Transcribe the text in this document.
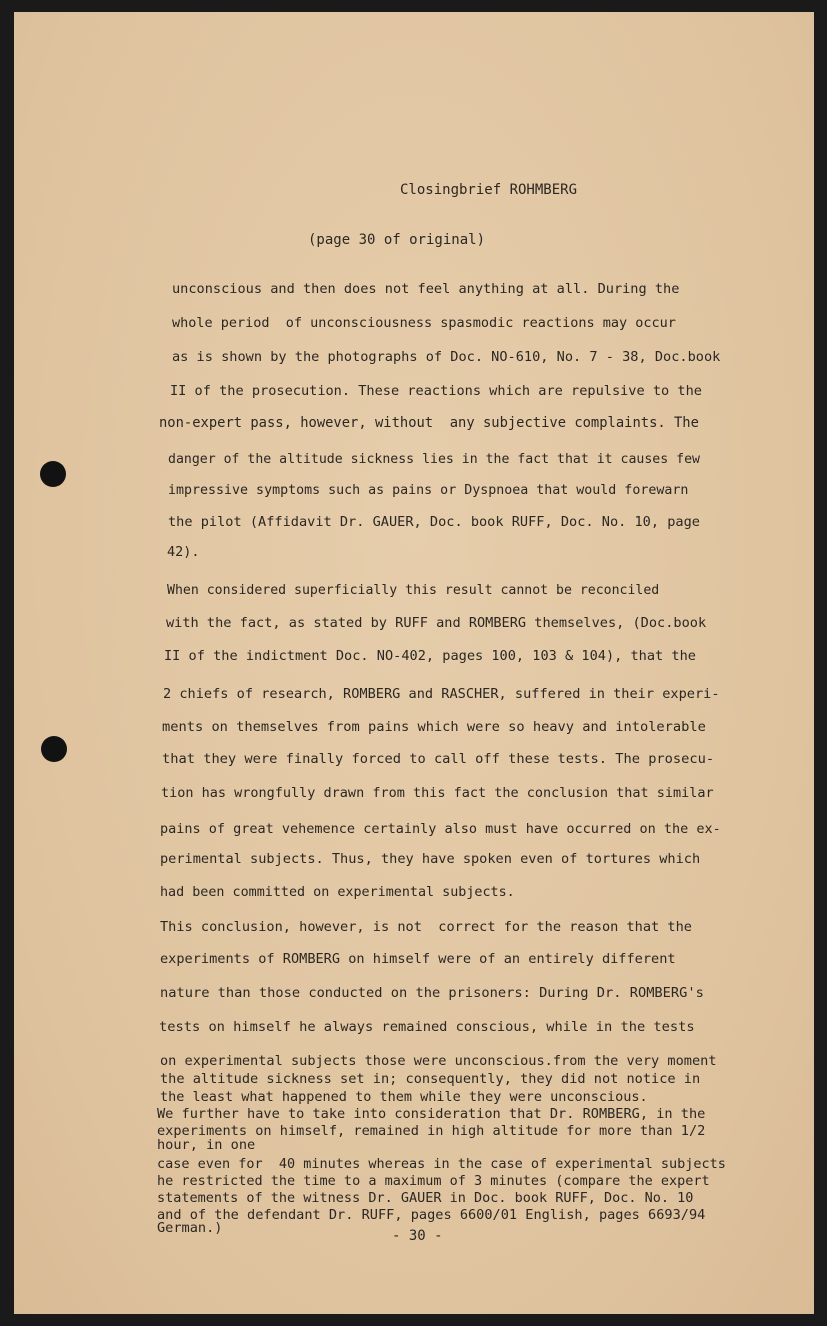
Closingbrief ROHMBERG
(page 30 of original)
unconscious and then does not feel anything at all. During the
whole period  of unconsciousness spasmodic reactions may occur
as is shown by the photographs of Doc. NO-610, No. 7 - 38, Doc.book
II of the prosecution. These reactions which are repulsive to the
non-expert pass, however, without  any subjective complaints. The
danger of the altitude sickness lies in the fact that it causes few
impressive symptoms such as pains or Dyspnoea that would forewarn
the pilot (Affidavit Dr. GAUER, Doc. book RUFF, Doc. No. 10, page
42).
When considered superficially this result cannot be reconciled
with the fact, as stated by RUFF and ROMBERG themselves, (Doc.book
II of the indictment Doc. NO-402, pages 100, 103 & 104), that the
2 chiefs of research, ROMBERG and RASCHER, suffered in their experi-
ments on themselves from pains which were so heavy and intolerable
that they were finally forced to call off these tests. The prosecu-
tion has wrongfully drawn from this fact the conclusion that similar
pains of great vehemence certainly also must have occurred on the ex-
perimental subjects. Thus, they have spoken even of tortures which
had been committed on experimental subjects.
This conclusion, however, is not  correct for the reason that the
experiments of ROMBERG on himself were of an entirely different
nature than those conducted on the prisoners: During Dr. ROMBERG's
tests on himself he always remained conscious, while in the tests
on experimental subjects those were unconscious.from the very moment
the altitude sickness set in; consequently, they did not notice in
the least what happened to them while they were unconscious.
We further have to take into consideration that Dr. ROMBERG, in the
experiments on himself, remained in high altitude for more than 1/2
hour, in one
case even for  40 minutes whereas in the case of experimental subjects
he restricted the time to a maximum of 3 minutes (compare the expert
statements of the witness Dr. GAUER in Doc. book RUFF, Doc. No. 10
and of the defendant Dr. RUFF, pages 6600/01 English, pages 6693/94
German.)	- 30 -
